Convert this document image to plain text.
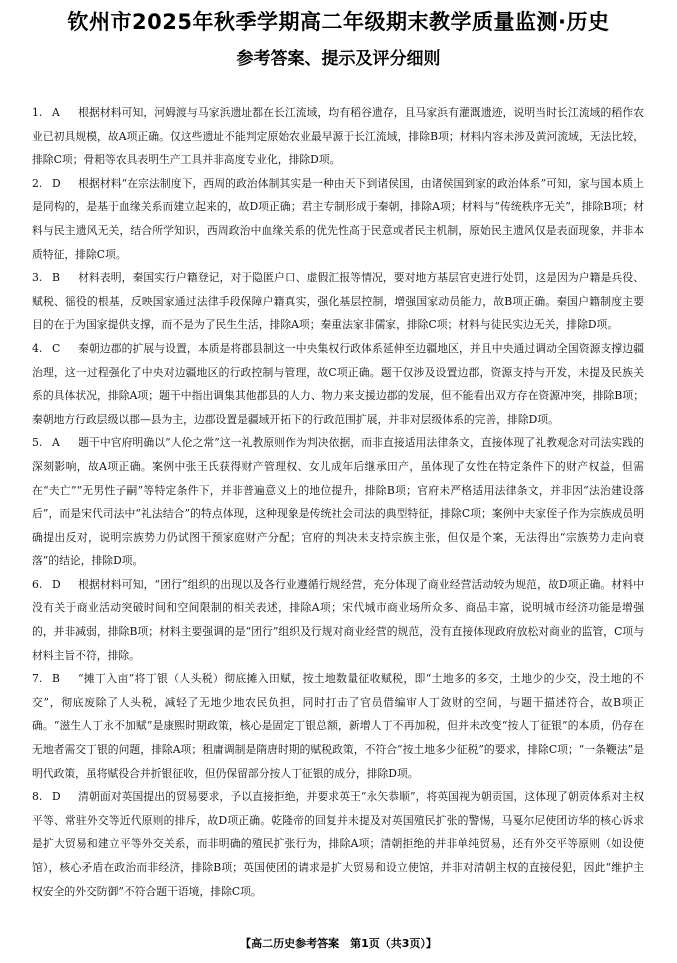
钦州市2025年秋季学期高二年级期末教学质量监测·历史
参考答案、提示及评分细则

1. A 根据材料可知，河姆渡与马家浜遗址都在长江流域，均有稻谷遗存，且马家浜有灌溉遗迹，说明当时长江流域的稻作农业已初具规模，故A项正确。仅这些遗址不能判定原始农业最早源于长江流域，排除B项；材料内容未涉及黄河流域，无法比较，排除C项；骨耜等农具表明生产工具并非高度专业化，排除D项。

2. D 根据材料“在宗法制度下，西周的政治体制其实是一种由天下到诸侯国，由诸侯国到家的政治体系”可知，家与国本质上是同构的，是基于血缘关系而建立起来的，故D项正确；君主专制形成于秦朝，排除A项；材料与“传统秩序无关”，排除B项；材料与民主遗风无关，结合所学知识，西周政治中血缘关系的优先性高于民意或者民主机制，原始民主遗风仅是表面现象，并非本质特征，排除C项。

3. B 材料表明，秦国实行户籍登记，对于隐匿户口、虚假汇报等情况，要对地方基层官吏进行处罚，这是因为户籍是兵役、赋税、徭役的根基，反映国家通过法律手段保障户籍真实，强化基层控制，增强国家动员能力，故B项正确。秦国户籍制度主要目的在于为国家提供支撑，而不是为了民生生活，排除A项；秦重法家非儒家，排除C项；材料与徒民实边无关，排除D项。

4. C 秦朝边郡的扩展与设置，本质是将郡县制这一中央集权行政体系延伸至边疆地区，并且中央通过调动全国资源支撑边疆治理，这一过程强化了中央对边疆地区的行政控制与管理，故C项正确。题干仅涉及设置边郡，资源支持与开发，未提及民族关系的具体状况，排除A项；题干中指出调集其他郡县的人力、物力来支援边郡的发展，但不能看出双方存在资源冲突，排除B项；秦朝地方行政层级以郡—县为主，边郡设置是疆域开拓下的行政范围扩展，并非对层级体系的完善，排除D项。

5. A 题干中官府明确以“人伦之常”这一礼教原则作为判决依据，而非直接适用法律条文，直接体现了礼教观念对司法实践的深刻影响，故A项正确。案例中张王氏获得财产管理权、女儿成年后继承田产，虽体现了女性在特定条件下的财产权益，但需在“夫亡”“无男性子嗣”等特定条件下，并非普遍意义上的地位提升，排除B项；官府未严格适用法律条文，并非因“法治建设落后”，而是宋代司法中“礼法结合”的特点体现，这种现象是传统社会司法的典型特征，排除C项；案例中夫家侄子作为宗族成员明确提出反对，说明宗族势力仍试图干预家庭财产分配；官府的判决未支持宗族主张，但仅是个案，无法得出“宗族势力走向衰落”的结论，排除D项。

6. D 根据材料可知，“团行”组织的出现以及各行业遵循行规经营，充分体现了商业经营活动较为规范，故D项正确。材料中没有关于商业活动突破时间和空间限制的相关表述，排除A项；宋代城市商业场所众多、商品丰富，说明城市经济功能是增强的，并非减弱，排除B项；材料主要强调的是“团行”组织及行规对商业经营的规范，没有直接体现政府放松对商业的监管，C项与材料主旨不符，排除。

7. B “摊丁入亩”将丁银（人头税）彻底摊入田赋，按土地数量征收赋税，即“土地多的多交，土地少的少交，没土地的不交”，彻底废除了人头税，减轻了无地少地农民负担，同时打击了官员借编审人丁敛财的空间，与题干描述符合，故B项正确。“滋生人丁永不加赋”是康熙时期政策，核心是固定丁银总额，新增人丁不再加税，但并未改变“按人丁征银”的本质，仍存在无地者需交丁银的问题，排除A项；租庸调制是隋唐时期的赋税政策，不符合“按土地多少征税”的要求，排除C项；“一条鞭法”是明代政策，虽将赋役合并折银征收，但仍保留部分按人丁征银的成分，排除D项。

8. D 清朝面对英国提出的贸易要求，予以直接拒绝，并要求英王“永矢恭顺”，将英国视为朝贡国，这体现了朝贡体系对主权平等、常驻外交等近代原则的排斥，故D项正确。乾隆帝的回复并未提及对英国殖民扩张的警惕，马戛尔尼使团访华的核心诉求是扩大贸易和建立平等外交关系，而非明确的殖民扩张行为，排除A项；清朝拒绝的并非单纯贸易，还有外交平等原则（如设使馆），核心矛盾在政治而非经济，排除B项；英国使团的请求是扩大贸易和设立使馆，并非对清朝主权的直接侵犯，因此“维护主权安全的外交防御”不符合题干语境，排除C项。

【高二历史参考答案　第1页（共3页）】
